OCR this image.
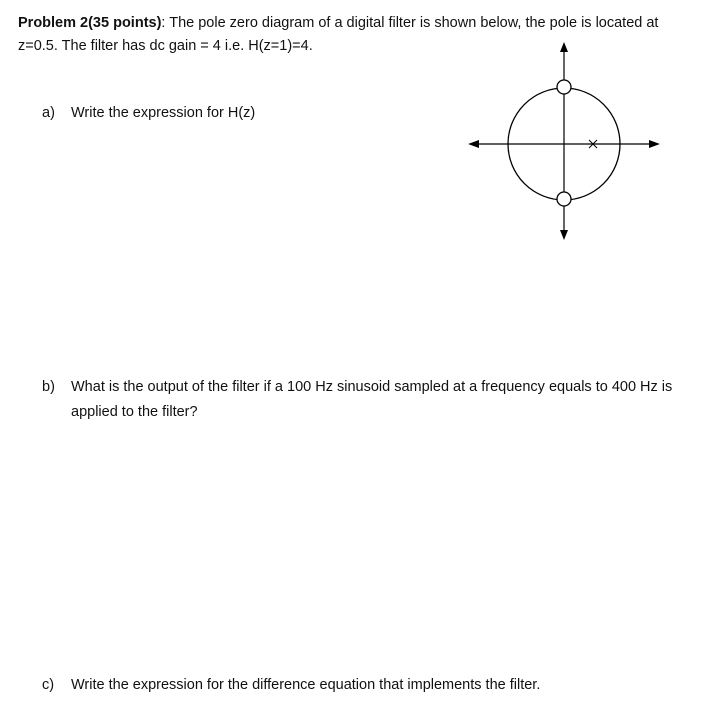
Problem 2(35 points): The pole zero diagram of a digital filter is shown below, the pole is located at
z=0.5. The filter has dc gain = 4 i.e. H(z=1)=4.
a)	Write the expression for H(z)
b)	What is the output of the filter if a 100 Hz sinusoid sampled at a frequency equals to 400 Hz is applied to the filter?
c)	Write the expression for the difference equation that implements the filter.
